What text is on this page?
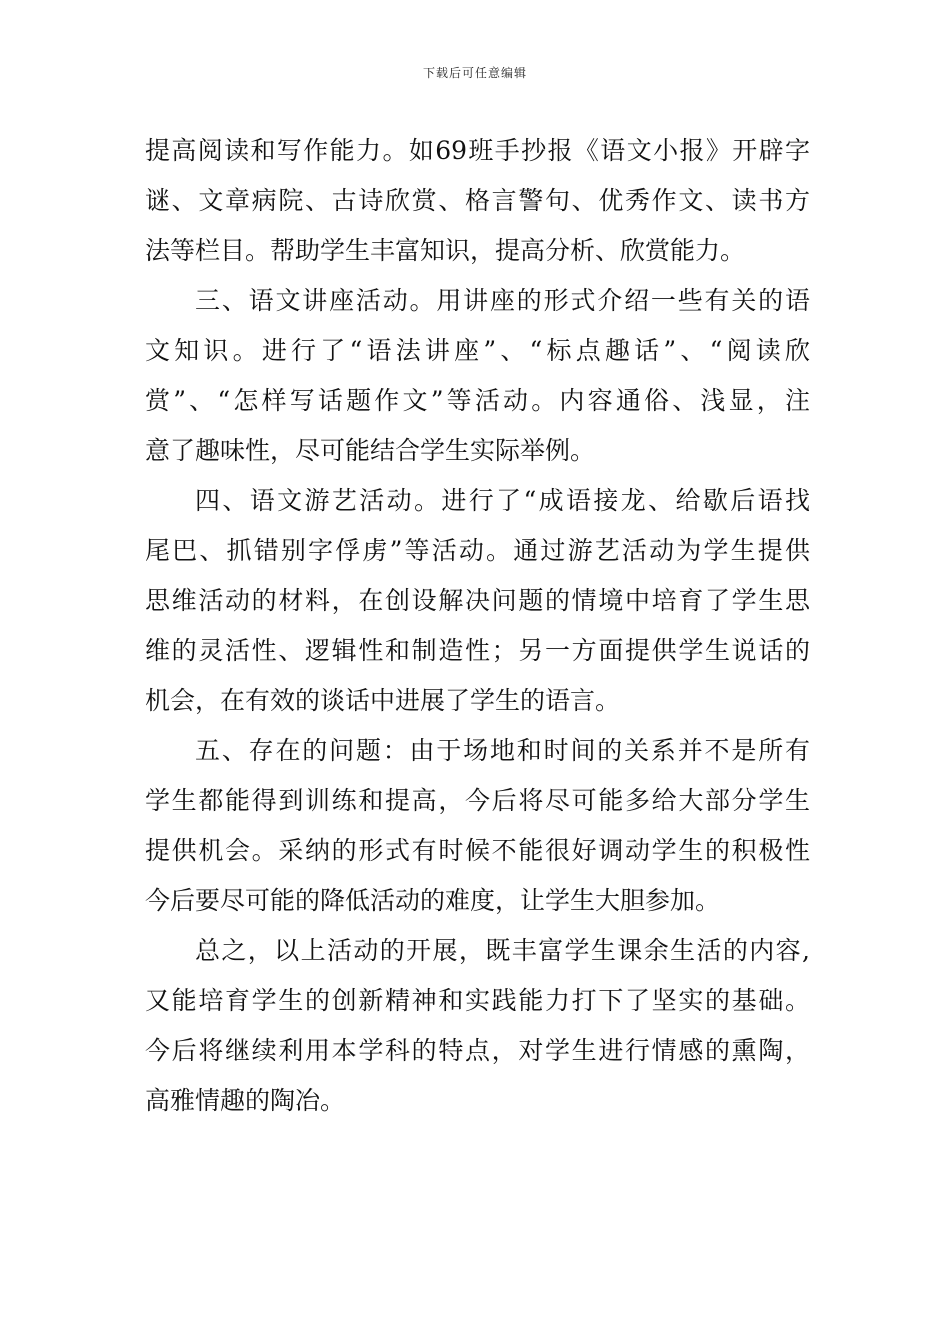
下载后可任意编辑
提高阅读和写作能力。如69班手抄报《语文小报》开辟字
谜、文章病院、古诗欣赏、格言警句、优秀作文、读书方
法等栏目。帮助学生丰富知识，提高分析、欣赏能力。
三、语文讲座活动。用讲座的形式介绍一些有关的语
文知识。进行了“语法讲座”、“标点趣话”、“阅读欣
赏”、“怎样写话题作文”等活动。内容通俗、浅显，注
意了趣味性，尽可能结合学生实际举例。
四、语文游艺活动。进行了“成语接龙、给歇后语找
尾巴、抓错别字俘虏”等活动。通过游艺活动为学生提供
思维活动的材料，在创设解决问题的情境中培育了学生思
维的灵活性、逻辑性和制造性；另一方面提供学生说话的
机会，在有效的谈话中进展了学生的语言。
五、存在的问题：由于场地和时间的关系并不是所有
学生都能得到训练和提高，今后将尽可能多给大部分学生
提供机会。采纳的形式有时候不能很好调动学生的积极性
今后要尽可能的降低活动的难度，让学生大胆参加。
总之，以上活动的开展，既丰富学生课余生活的内容,
又能培育学生的创新精神和实践能力打下了坚实的基础。
今后将继续利用本学科的特点，对学生进行情感的熏陶，
高雅情趣的陶冶。
